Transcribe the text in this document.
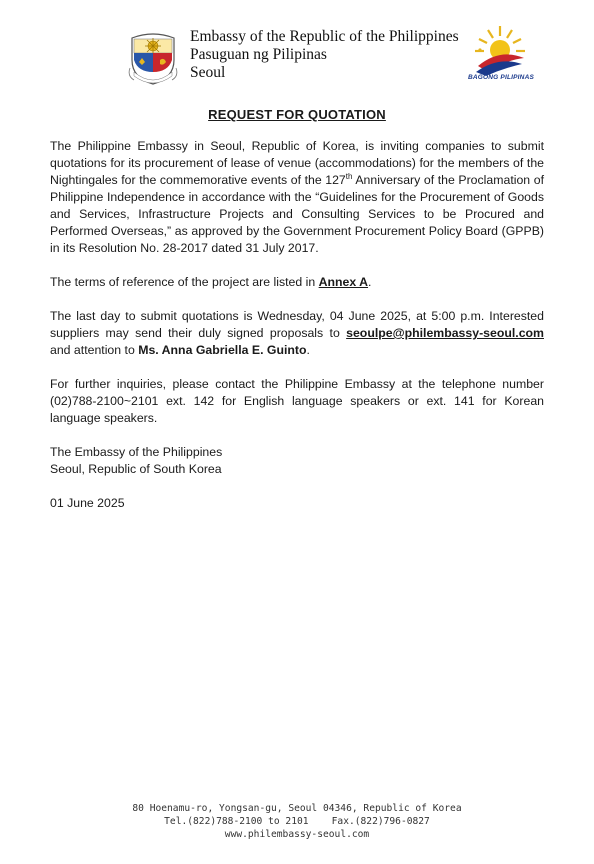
Embassy of the Republic of the Philippines
Pasuguan ng Pilipinas
Seoul	BAGONG PILIPINAS
REQUEST FOR QUOTATION

The Philippine Embassy in Seoul, Republic of Korea, is inviting companies to submit quotations for its procurement of lease of venue (accommodations) for the members of the Nightingales for the commemorative events of the 127th Anniversary of the Proclamation of Philippine Independence in accordance with the “Guidelines for the Procurement of Goods and Services, Infrastructure Projects and Consulting Services to be Procured and Performed Overseas,” as approved by the Government Procurement Policy Board (GPPB) in its Resolution No. 28-2017 dated 31 July 2017.

The terms of reference of the project are listed in Annex A.

The last day to submit quotations is Wednesday, 04 June 2025, at 5:00 p.m. Interested suppliers may send their duly signed proposals to seoulpe@philembassy-seoul.com and attention to Ms. Anna Gabriella E. Guinto.

For further inquiries, please contact the Philippine Embassy at the telephone number (02)788-2100~2101 ext. 142 for English language speakers or ext. 141 for Korean language speakers.

The Embassy of the Philippines
Seoul, Republic of South Korea
01 June 2025
80 Hoenamu-ro, Yongsan-gu, Seoul 04346, Republic of Korea
Tel.(822)788-2100 to 2101    Fax.(822)796-0827
www.philembassy-seoul.com
